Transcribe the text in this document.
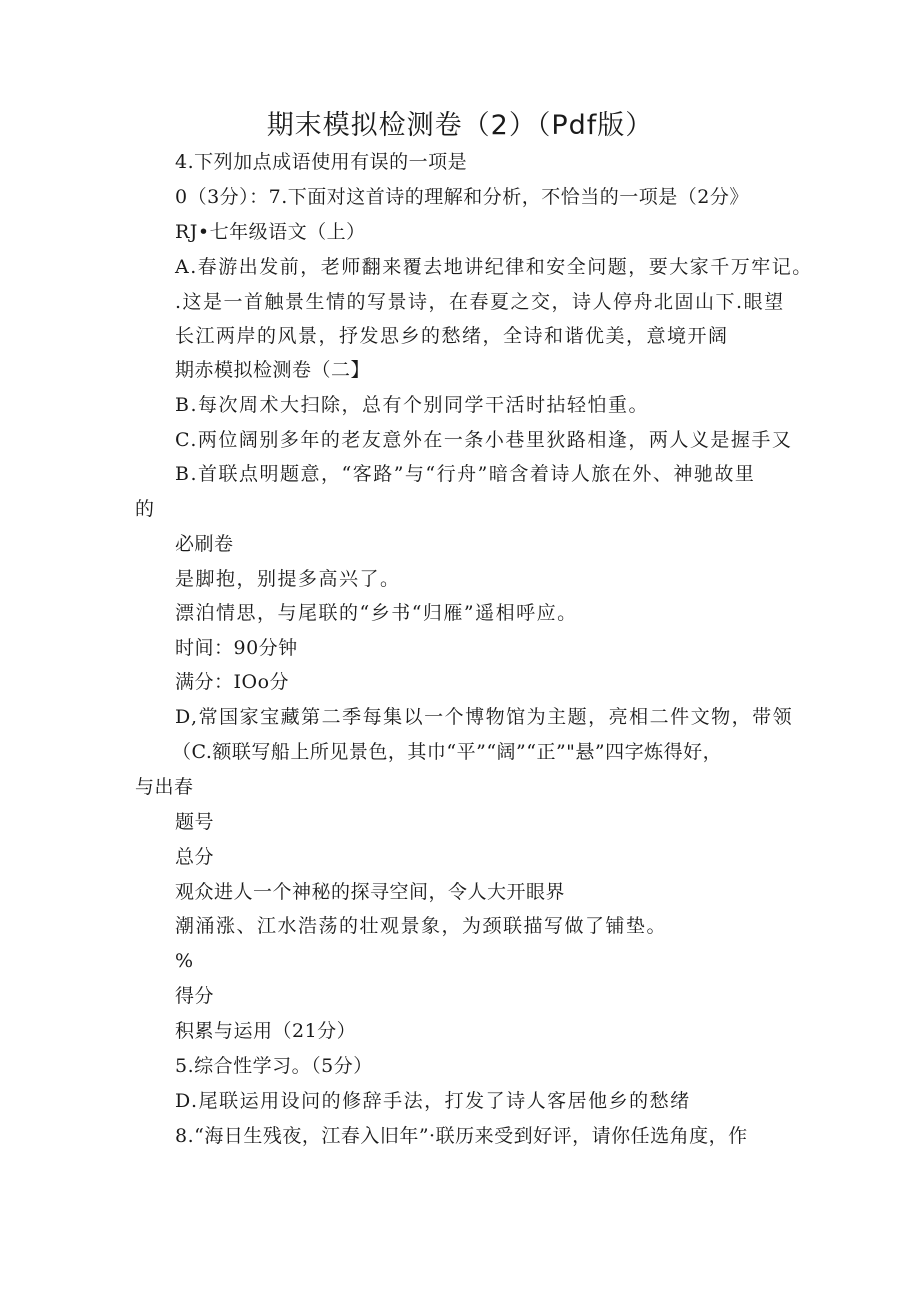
期末模拟检测卷（2）（Pdf版）
4.下列加点成语使用有误的一项是
0（3分）：7.下面对这首诗的理解和分析，不恰当的一项是（2分》
RJ•七年级语文（上）
A.春游出发前，老师翻来覆去地讲纪律和安全问题，要大家千万牢记。
.这是一首触景生情的写景诗，在春夏之交，诗人停舟北固山下.眼望
长江两岸的风景，抒发思乡的愁绪，全诗和谐优美，意境开阔
期赤模拟检测卷（二】
B.每次周术大扫除，总有个别同学干活时拈轻怕重。
C.两位阔别多年的老友意外在一条小巷里狄路相逢，两人义是握手又
B.首联点明题意，“客路”与“行舟”暗含着诗人旅在外、神驰故里
的
必刷卷
是脚抱，别提多高兴了。
漂泊情思，与尾联的“乡书“归雁”遥相呼应。
时间：90分钟
满分：IOo分
D,常国家宝藏第二季每集以一个博物馆为主题，亮相二件文物，带领
（C.额联写船上所见景色，其巾“平”“阔”“正”"悬”四字炼得好，
与出春
题号
总分
观众进人一个神秘的探寻空间，令人大开眼界
潮涌涨、江水浩荡的壮观景象，为颈联描写做了铺垫。
%
得分
积累与运用（21分）
5.综合性学习。（5分）
D.尾联运用设问的修辞手法，打发了诗人客居他乡的愁绪
8.“海日生残夜，江春入旧年”·联历来受到好评，请你任选角度，作
